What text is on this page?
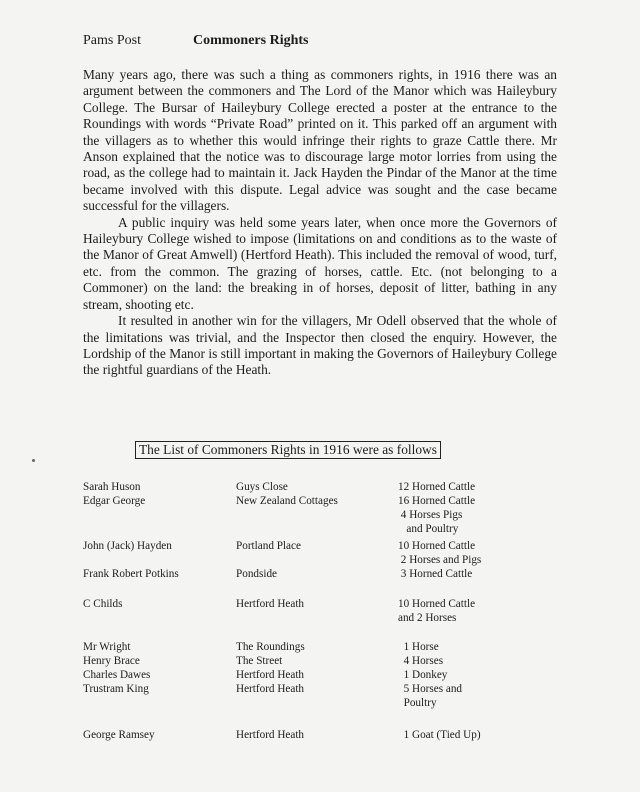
Pams Post	Commoners Rights

Many years ago, there was such a thing as commoners rights, in 1916 there was an argument between the commoners and The Lord of the Manor which was Haileybury College. The Bursar of Haileybury College erected a poster at the entrance to the Roundings with words “Private Road” printed on it. This parked off an argument with the villagers as to whether this would infringe their rights to graze Cattle there. Mr Anson explained that the notice was to discourage large motor lorries from using the road, as the college had to maintain it. Jack Hayden the Pindar of the Manor at the time became involved with this dispute. Legal advice was sought and the case became successful for the villagers.

A public inquiry was held some years later, when once more the Governors of Haileybury College wished to impose (limitations on and conditions as to the waste of the Manor of Great Amwell) (Hertford Heath). This included the removal of wood, turf, etc. from the common. The grazing of horses, cattle. Etc. (not belonging to a Commoner) on the land: the breaking in of horses, deposit of litter, bathing in any stream, shooting etc.

It resulted in another win for the villagers, Mr Odell observed that the whole of the limitations was trivial, and the Inspector then closed the enquiry. However, the Lordship of the Manor is still important in making the Governors of Haileybury College the rightful guardians of the Heath.

The List of Commoners Rights in 1916 were as follows
Sarah Huson	Guys Close	12 Horned Cattle
Edgar George	New Zealand Cottages	16 Horned Cattle
4 Horses Pigs
and Poultry
John (Jack) Hayden	Portland Place	10 Horned Cattle
2 Horses and Pigs
Frank Robert Potkins	Pondside	3 Horned Cattle
C Childs	Hertford Heath	10 Horned Cattle
and 2 Horses
Mr Wright	The Roundings	1 Horse
Henry Brace	The Street	4 Horses
Charles Dawes	Hertford Heath	1 Donkey
Trustram King	Hertford Heath	5 Horses and
Poultry
George Ramsey	Hertford Heath	1 Goat (Tied Up)
